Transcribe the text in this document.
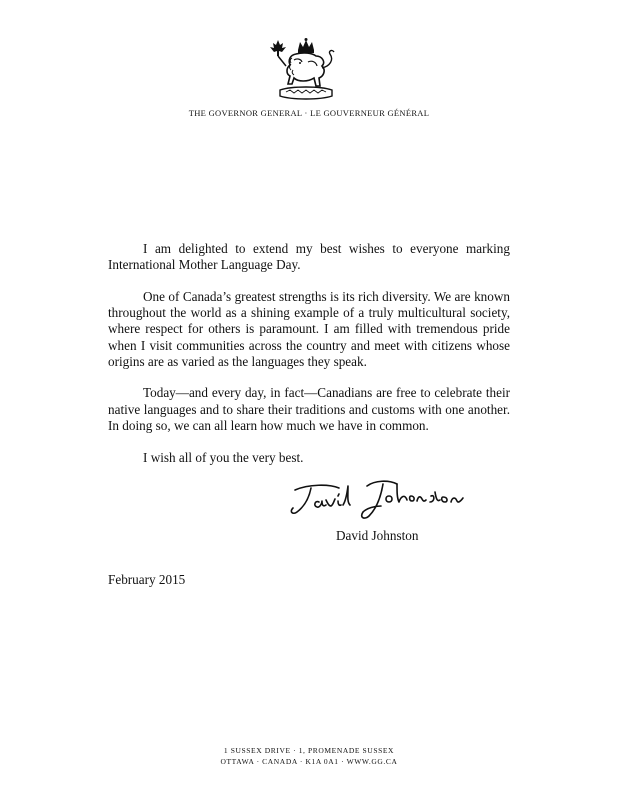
THE GOVERNOR GENERAL · LE GOUVERNEUR GÉNÉRAL

I am delighted to extend my best wishes to everyone marking International Mother Language Day.

One of Canada’s greatest strengths is its rich diversity. We are known throughout the world as a shining example of a truly multicultural society, where respect for others is paramount. I am filled with tremendous pride when I visit communities across the country and meet with citizens whose origins are as varied as the languages they speak.

Today—and every day, in fact—Canadians are free to celebrate their native languages and to share their traditions and customs with one another. In doing so, we can all learn how much we have in common.

I wish all of you the very best.

David Johnston
February 2015
1 SUSSEX DRIVE · 1, PROMENADE SUSSEX
OTTAWA · CANADA · K1A 0A1 · WWW.GG.CA
